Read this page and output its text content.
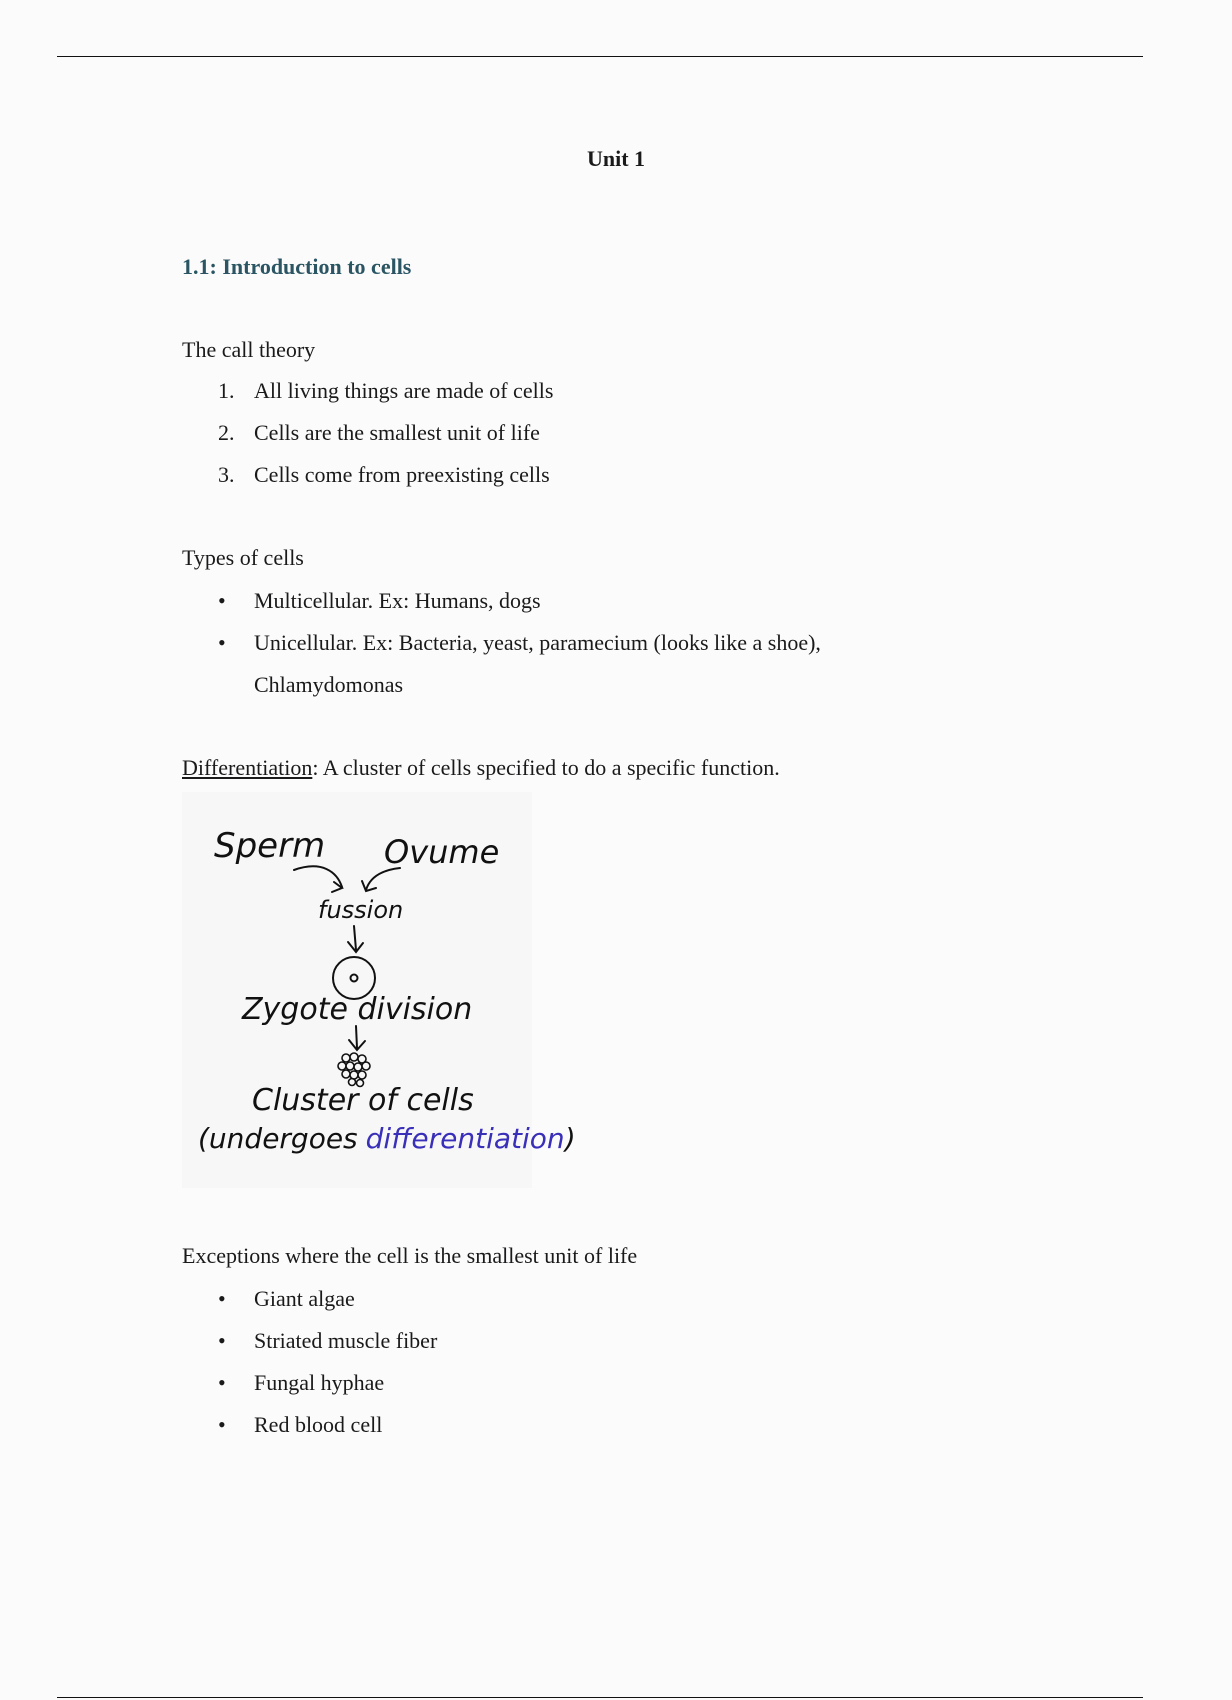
Unit 1
1.1: Introduction to cells
The call theory
1. All living things are made of cells
2. Cells are the smallest unit of life
3. Cells come from preexisting cells
Types of cells
• Multicellular. Ex: Humans, dogs
• Unicellular. Ex: Bacteria, yeast, paramecium (looks like a shoe),
Chlamydomonas
Differentiation: A cluster of cells specified to do a specific function.
Sperm Ovume
fussion
Zygote division
Cluster of cells
(undergoes differentiation)
Exceptions where the cell is the smallest unit of life
• Giant algae
• Striated muscle fiber
• Fungal hyphae
• Red blood cell
